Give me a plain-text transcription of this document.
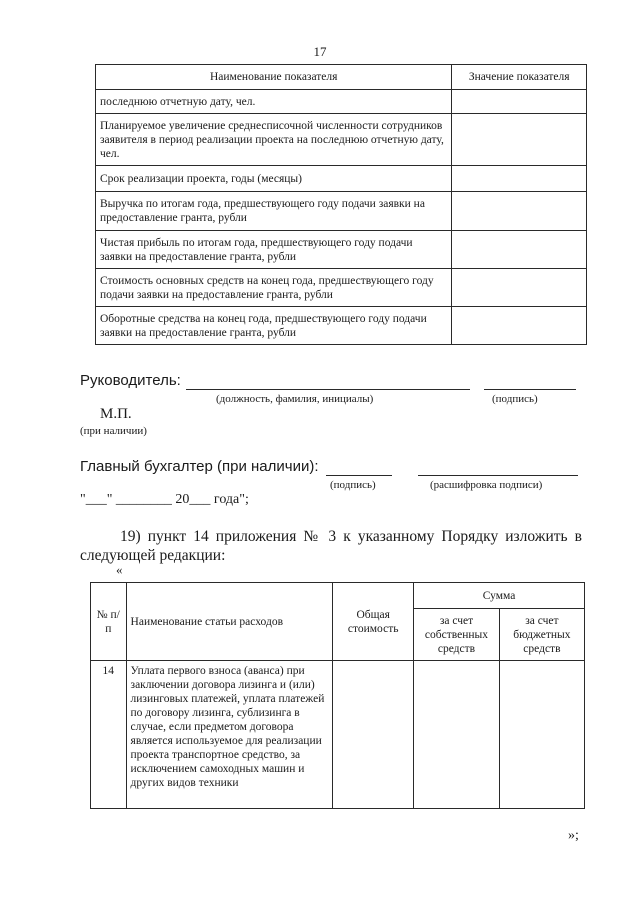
17
Наименование показателя	Значение показателя
последнюю отчетную дату, чел.	
Планируемое увеличение среднесписочной численности сотрудников заявителя в период реализации проекта на последнюю отчетную дату, чел.	
Срок реализации проекта, годы (месяцы)	
Выручка по итогам года, предшествующего году подачи заявки на предоставление гранта, рубли	
Чистая прибыль по итогам года, предшествующего году подачи заявки на предоставление гранта, рубли	
Стоимость основных средств на конец года, предшествующего году подачи заявки на предоставление гранта, рубли	
Оборотные средства на конец года, предшествующего году подачи заявки на предоставление гранта, рубли	
Руководитель:
(должность, фамилия, инициалы)	(подпись)
М.П.
(при наличии)
Главный бухгалтер (при наличии):
(подпись)	(расшифровка подписи)
"___" ________ 20___ года";
19) пункт 14 приложения № 3 к указанному Порядку изложить в следующей редакции:
«
№ п/п	Наименование статьи расходов	Общая стоимость	Сумма	
			за счет собственных средств	за счет бюджетных средств
14	Уплата первого взноса (аванса) при заключении договора лизинга и (или) лизинговых платежей, уплата платежей по договору лизинга, сублизинга в случае, если предметом договора является используемое для реализации проекта транспортное средство, за исключением самоходных машин и других видов техники			
»;
